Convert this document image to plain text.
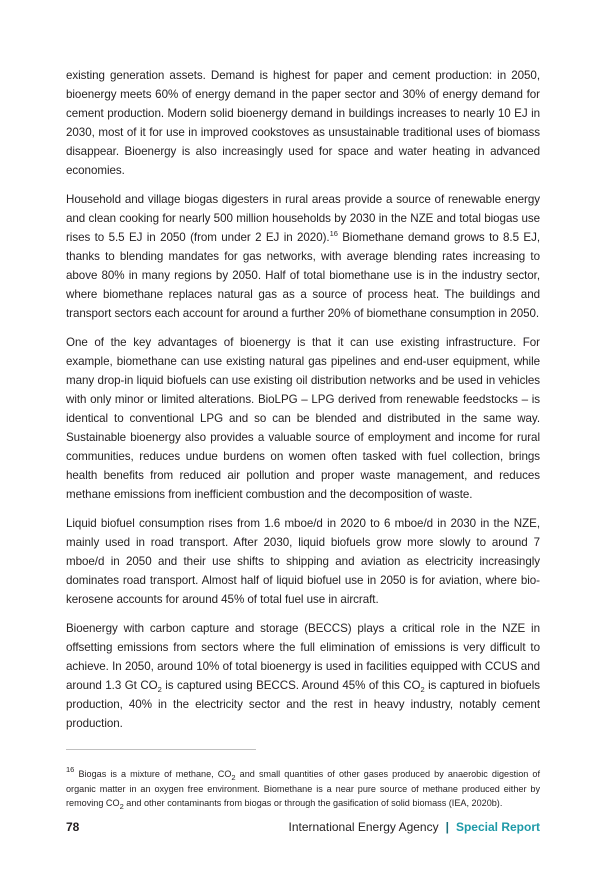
existing generation assets. Demand is highest for paper and cement production: in 2050, bioenergy meets 60% of energy demand in the paper sector and 30% of energy demand for cement production. Modern solid bioenergy demand in buildings increases to nearly 10 EJ in 2030, most of it for use in improved cookstoves as unsustainable traditional uses of biomass disappear. Bioenergy is also increasingly used for space and water heating in advanced economies.

Household and village biogas digesters in rural areas provide a source of renewable energy and clean cooking for nearly 500 million households by 2030 in the NZE and total biogas use rises to 5.5 EJ in 2050 (from under 2 EJ in 2020).$^{16}$ Biomethane demand grows to 8.5 EJ, thanks to blending mandates for gas networks, with average blending rates increasing to above 80% in many regions by 2050. Half of total biomethane use is in the industry sector, where biomethane replaces natural gas as a source of process heat. The buildings and transport sectors each account for around a further 20% of biomethane consumption in 2050.

One of the key advantages of bioenergy is that it can use existing infrastructure. For example, biomethane can use existing natural gas pipelines and end-user equipment, while many drop-in liquid biofuels can use existing oil distribution networks and be used in vehicles with only minor or limited alterations. BioLPG – LPG derived from renewable feedstocks – is identical to conventional LPG and so can be blended and distributed in the same way. Sustainable bioenergy also provides a valuable source of employment and income for rural communities, reduces undue burdens on women often tasked with fuel collection, brings health benefits from reduced air pollution and proper waste management, and reduces methane emissions from inefficient combustion and the decomposition of waste.

Liquid biofuel consumption rises from 1.6 mboe/d in 2020 to 6 mboe/d in 2030 in the NZE, mainly used in road transport. After 2030, liquid biofuels grow more slowly to around 7 mboe/d in 2050 and their use shifts to shipping and aviation as electricity increasingly dominates road transport. Almost half of liquid biofuel use in 2050 is for aviation, where bio-kerosene accounts for around 45% of total fuel use in aircraft.

Bioenergy with carbon capture and storage (BECCS) plays a critical role in the NZE in offsetting emissions from sectors where the full elimination of emissions is very difficult to achieve. In 2050, around 10% of total bioenergy is used in facilities equipped with CCUS and around 1.3 Gt $CO_2$ is captured using BECCS. Around 45% of this $CO_2$ is captured in biofuels production, 40% in the electricity sector and the rest in heavy industry, notably cement production.

$^{16}$ Biogas is a mixture of methane, $CO_2$ and small quantities of other gases produced by anaerobic digestion of organic matter in an oxygen free environment. Biomethane is a near pure source of methane produced either by removing $CO_2$ and other contaminants from biogas or through the gasification of solid biomass (IEA, 2020b).
78	International Energy Agency | Special Report
